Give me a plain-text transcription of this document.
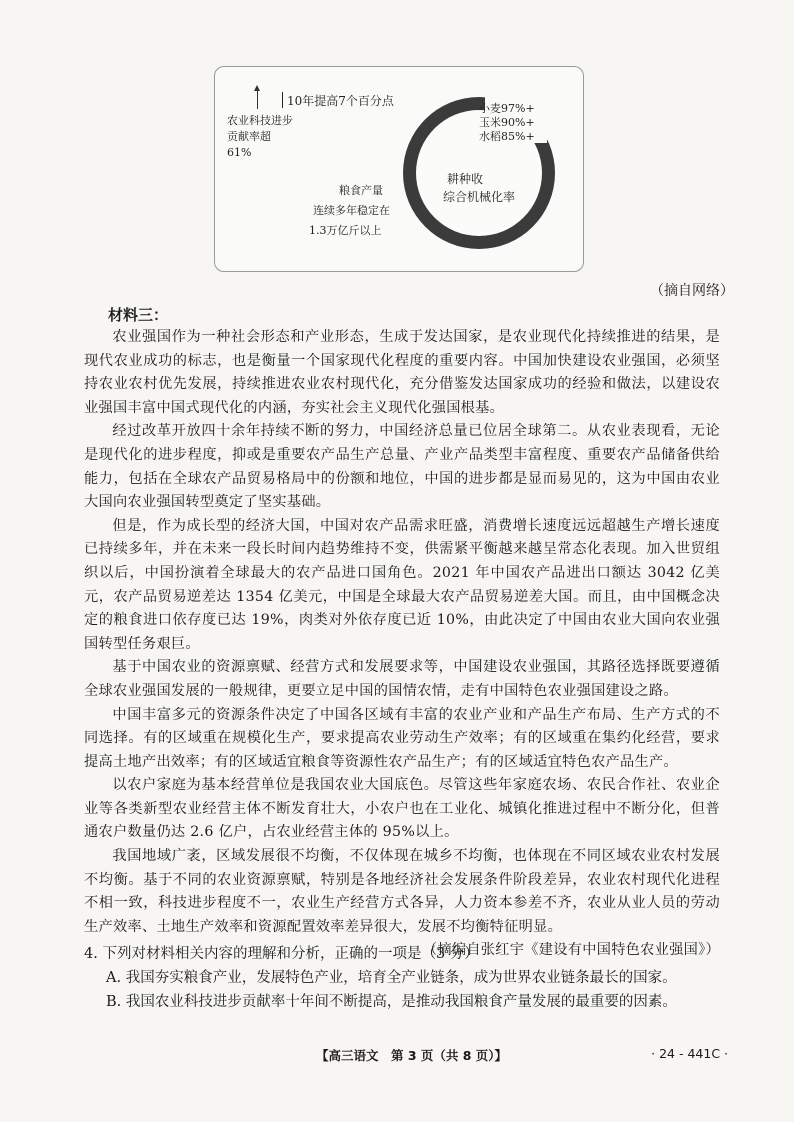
10年提高7个百分点
农业科技进步
贡献率超
61%
粮食产量
连续多年稳定在
1.3万亿斤以上
小麦97%+
玉米90%+
水稻85%+
耕种收
综合机械化率
（摘自网络）
材料三：

农业强国作为一种社会形态和产业形态，生成于发达国家，是农业现代化持续推进的结果，是现代农业成功的标志，也是衡量一个国家现代化程度的重要内容。中国加快建设农业强国，必须坚持农业农村优先发展，持续推进农业农村现代化，充分借鉴发达国家成功的经验和做法，以建设农业强国丰富中国式现代化的内涵，夯实社会主义现代化强国根基。

经过改革开放四十余年持续不断的努力，中国经济总量已位居全球第二。从农业表现看，无论是现代化的进步程度，抑或是重要农产品生产总量、产业产品类型丰富程度、重要农产品储备供给能力，包括在全球农产品贸易格局中的份额和地位，中国的进步都是显而易见的，这为中国由农业大国向农业强国转型奠定了坚实基础。

但是，作为成长型的经济大国，中国对农产品需求旺盛，消费增长速度远远超越生产增长速度已持续多年，并在未来一段长时间内趋势维持不变，供需紧平衡越来越呈常态化表现。加入世贸组织以后，中国扮演着全球最大的农产品进口国角色。2021 年中国农产品进出口额达 3042 亿美元，农产品贸易逆差达 1354 亿美元，中国是全球最大农产品贸易逆差大国。而且，由中国概念决定的粮食进口依存度已达 19%，肉类对外依存度已近 10%，由此决定了中国由农业大国向农业强国转型任务艰巨。

基于中国农业的资源禀赋、经营方式和发展要求等，中国建设农业强国，其路径选择既要遵循全球农业强国发展的一般规律，更要立足中国的国情农情，走有中国特色农业强国建设之路。

中国丰富多元的资源条件决定了中国各区域有丰富的农业产业和产品生产布局、生产方式的不同选择。有的区域重在规模化生产，要求提高农业劳动生产效率；有的区域重在集约化经营，要求提高土地产出效率；有的区域适宜粮食等资源性农产品生产；有的区域适宜特色农产品生产。

以农户家庭为基本经营单位是我国农业大国底色。尽管这些年家庭农场、农民合作社、农业企业等各类新型农业经营主体不断发育壮大，小农户也在工业化、城镇化推进过程中不断分化，但普通农户数量仍达 2.6 亿户，占农业经营主体的 95%以上。

我国地域广袤，区域发展很不均衡，不仅体现在城乡不均衡，也体现在不同区域农业农村发展不均衡。基于不同的农业资源禀赋，特别是各地经济社会发展条件阶段差异，农业农村现代化进程不相一致，科技进步程度不一，农业生产经营方式各异，人力资本参差不齐，农业从业人员的劳动生产效率、土地生产效率和资源配置效率差异很大，发展不均衡特征明显。

（摘编自张红宇《建设有中国特色农业强国》）

4. 下列对材料相关内容的理解和分析，正确的一项是（3 分）

A. 我国夯实粮食产业，发展特色产业，培育全产业链条，成为世界农业链条最长的国家。

B. 我国农业科技进步贡献率十年间不断提高，是推动我国粮食产量发展的最重要的因素。

【高三语文　第 3 页（共 8 页）】	· 24 - 441C ·
